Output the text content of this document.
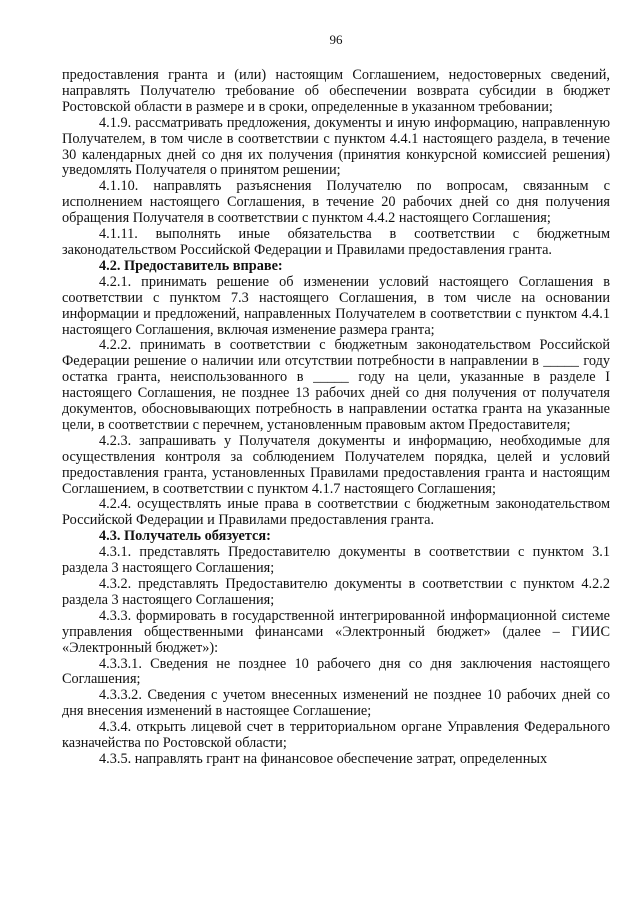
96

предоставления гранта и (или) настоящим Соглашением, недостоверных сведений, направлять Получателю требование об обеспечении возврата субсидии в бюджет Ростовской области в размере и в сроки, определенные в указанном требовании;

4.1.9. рассматривать предложения, документы и иную информацию, направленную Получателем, в том числе в соответствии с пунктом 4.4.1 настоящего раздела, в течение 30 календарных дней со дня их получения (принятия конкурсной комиссией решения) уведомлять Получателя о принятом решении;

4.1.10. направлять разъяснения Получателю по вопросам, связанным с исполнением настоящего Соглашения, в течение 20 рабочих дней со дня получения обращения Получателя в соответствии с пунктом 4.4.2 настоящего Соглашения;

4.1.11. выполнять иные обязательства в соответствии с бюджетным законодательством Российской Федерации и Правилами предоставления гранта.

4.2. Предоставитель вправе:

4.2.1. принимать решение об изменении условий настоящего Соглашения в соответствии с пунктом 7.3 настоящего Соглашения, в том числе на основании информации и предложений, направленных Получателем в соответствии с пунктом 4.4.1 настоящего Соглашения, включая изменение размера гранта;

4.2.2. принимать в соответствии с бюджетным законодательством Российской Федерации решение о наличии или отсутствии потребности в направлении в _____ году остатка гранта, неиспользованного в _____ году на цели, указанные в разделе I настоящего Соглашения, не позднее 13 рабочих дней со дня получения от получателя документов, обосновывающих потребность в направлении остатка гранта на указанные цели, в соответствии с перечнем, установленным правовым актом Предоставителя;

4.2.3. запрашивать у Получателя документы и информацию, необходимые для осуществления контроля за соблюдением Получателем порядка, целей и условий предоставления гранта, установленных Правилами предоставления гранта и настоящим Соглашением, в соответствии с пунктом 4.1.7 настоящего Соглашения;

4.2.4. осуществлять иные права в соответствии с бюджетным законодательством Российской Федерации и Правилами предоставления гранта.

4.3. Получатель обязуется:

4.3.1. представлять Предоставителю документы в соответствии с пунктом 3.1 раздела 3 настоящего Соглашения;

4.3.2. представлять Предоставителю документы в соответствии с пунктом 4.2.2 раздела 3 настоящего Соглашения;

4.3.3. формировать в государственной интегрированной информационной системе управления общественными финансами «Электронный бюджет» (далее – ГИИС «Электронный бюджет»):

4.3.3.1. Сведения не позднее 10 рабочего дня со дня заключения настоящего Соглашения;

4.3.3.2. Сведения с учетом внесенных изменений не позднее 10 рабочих дней со дня внесения изменений в настоящее Соглашение;

4.3.4. открыть лицевой счет в территориальном органе Управления Федерального казначейства по Ростовской области;

4.3.5. направлять грант на финансовое обеспечение затрат, определенных
